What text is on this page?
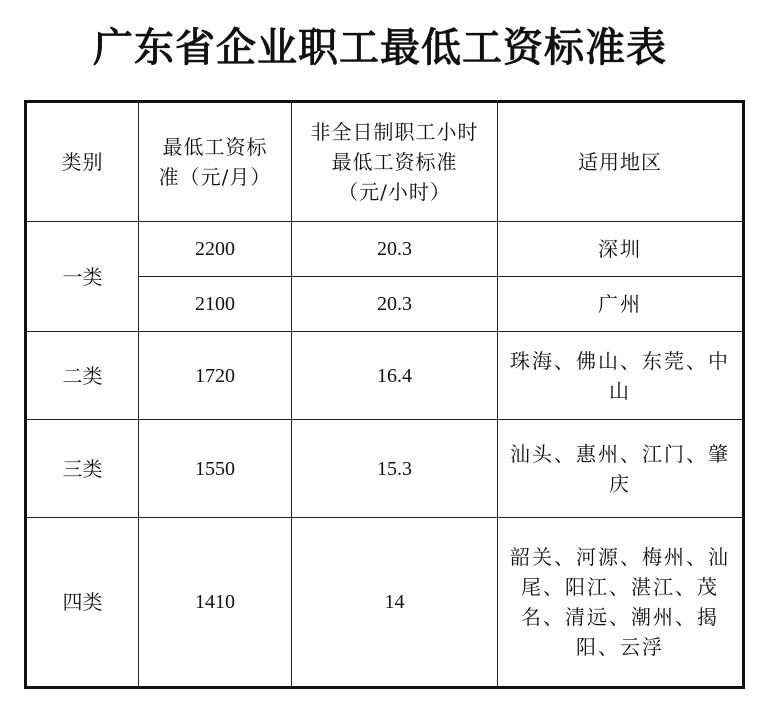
广东省企业职工最低工资标准表
类别	最低工资标准（元/月）	非全日制职工小时最低工资标准（元/小时）	适用地区
一类	2200	20.3	深圳
	2100	20.3	广州
二类	1720	16.4	珠海、佛山、东莞、中山
三类	1550	15.3	汕头、惠州、江门、肇庆
四类	1410	14	韶关、河源、梅州、汕尾、阳江、湛江、茂名、清远、潮州、揭阳、云浮
